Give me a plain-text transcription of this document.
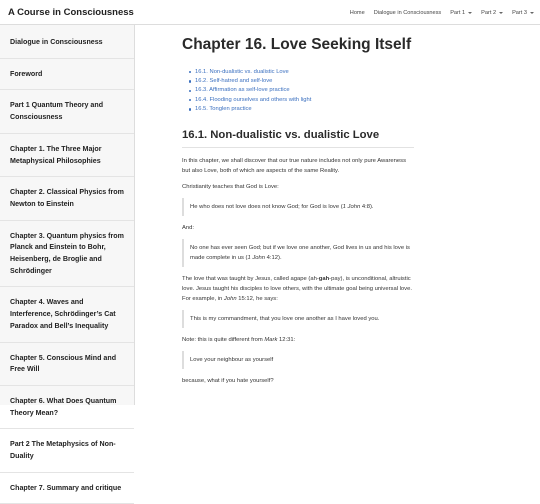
A Course in Consciousness	Home Dialogue in Consciousness Part 1	Part 2	Part 3
Dialogue in Consciousness
Foreword
Part 1 Quantum Theory and Consciousness
Chapter 1. The Three Major Metaphysical Philosophies
Chapter 2. Classical Physics from Newton to Einstein
Chapter 3. Quantum physics from Planck and Einstein to Bohr, Heisenberg, de Broglie and Schrödinger
Chapter 4. Waves and Interference, Schrödinger’s Cat Paradox and Bell’s Inequality
Chapter 5. Conscious Mind and Free Will
Chapter 6. What Does Quantum Theory Mean?
Part 2 The Metaphysics of Non-Duality
Chapter 7. Summary and critique
Chapter 16. Love Seeking Itself
16.1. Non-dualistic vs. dualistic Love
16.2. Self-hatred and self-love
16.3. Affirmation as self-love practice
16.4. Flooding ourselves and others with light
16.5. Tonglen practice
16.1. Non-dualistic vs. dualistic Love

In this chapter, we shall discover that our true nature includes not only pure Awareness but also Love, both of which are aspects of the same Reality.

Christianity teaches that God is Love:

He who does not love does not know God; for God is love (1 John 4:8).

And:

No one has ever seen God; but if we love one another, God lives in us and his love is made complete in us (1 John 4:12).

The love that was taught by Jesus, called agape (ah-gah-pay), is unconditional, altruistic love. Jesus taught his disciples to love others, with the ultimate goal being universal love. For example, in John 15:12, he says:

This is my commandment, that you love one another as I have loved you.

Note: this is quite different from Mark 12:31:

Love your neighbour as yourself

because, what if you hate yourself?
